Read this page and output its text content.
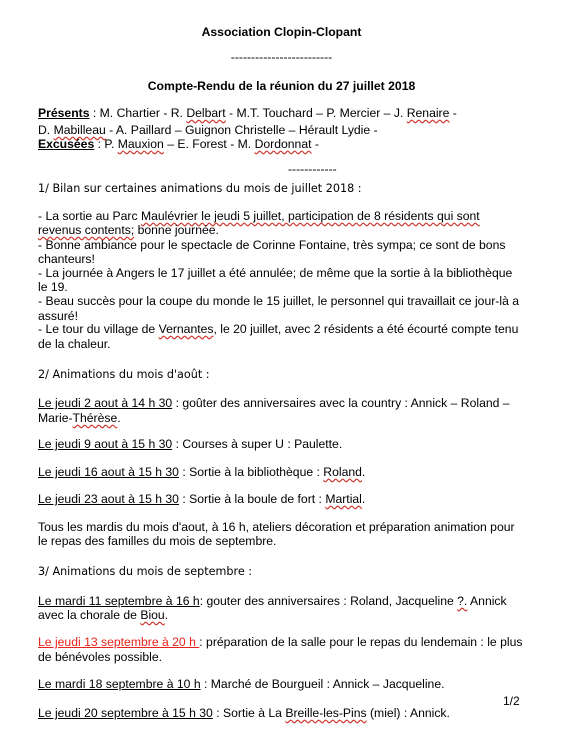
Association Clopin-Clopant

-------------------------

Compte-Rendu de la réunion du 27 juillet 2018

Présents : M. Chartier - R. Delbart - M.T. Touchard – P. Mercier – J. Renaire -

D. Mabilleau - A. Paillard – Guignon Christelle – Hérault Lydie -

Excusées : P. Mauxion – E. Forest - M. Dordonnat -

------------

1/ Bilan sur certaines animations du mois de juillet 2018 :

- La sortie au Parc Maulévrier le jeudi 5 juillet, participation de 8 résidents qui sont

revenus contents; bonne journée.

- Bonne ambiance pour le spectacle de Corinne Fontaine, très sympa; ce sont de bons

chanteurs!

- La journée à Angers le 17 juillet a été annulée; de même que la sortie à la bibliothèque

le 19.

- Beau succès pour la coupe du monde le 15 juillet, le personnel qui travaillait ce jour-là a

assuré!

- Le tour du village de Vernantes, le 20 juillet, avec 2 résidents a été écourté compte tenu

de la chaleur.

2/ Animations du mois d'août :

Le jeudi 2 aout à 14 h 30 : goûter des anniversaires avec la country : Annick – Roland –

Marie-Thérèse.

Le jeudi 9 aout à 15 h 30 : Courses à super U : Paulette.

Le jeudi 16 aout à 15 h 30 : Sortie à la bibliothèque : Roland.

Le jeudi 23 aout à 15 h 30 : Sortie à la boule de fort : Martial.

Tous les mardis du mois d'aout, à 16 h, ateliers décoration et préparation animation pour

le repas des familles du mois de septembre.

3/ Animations du mois de septembre :

Le mardi 11 septembre à 16 h: gouter des anniversaires : Roland, Jacqueline ?. Annick

avec la chorale de Biou.

Le jeudi 13 septembre à 20 h : préparation de la salle pour le repas du lendemain : le plus

de bénévoles possible.

Le mardi 18 septembre à 10 h : Marché de Bourgueil : Annick – Jacqueline.

Le jeudi 20 septembre à 15 h 30 : Sortie à La Breille-les-Pins (miel) : Annick.

1/2
